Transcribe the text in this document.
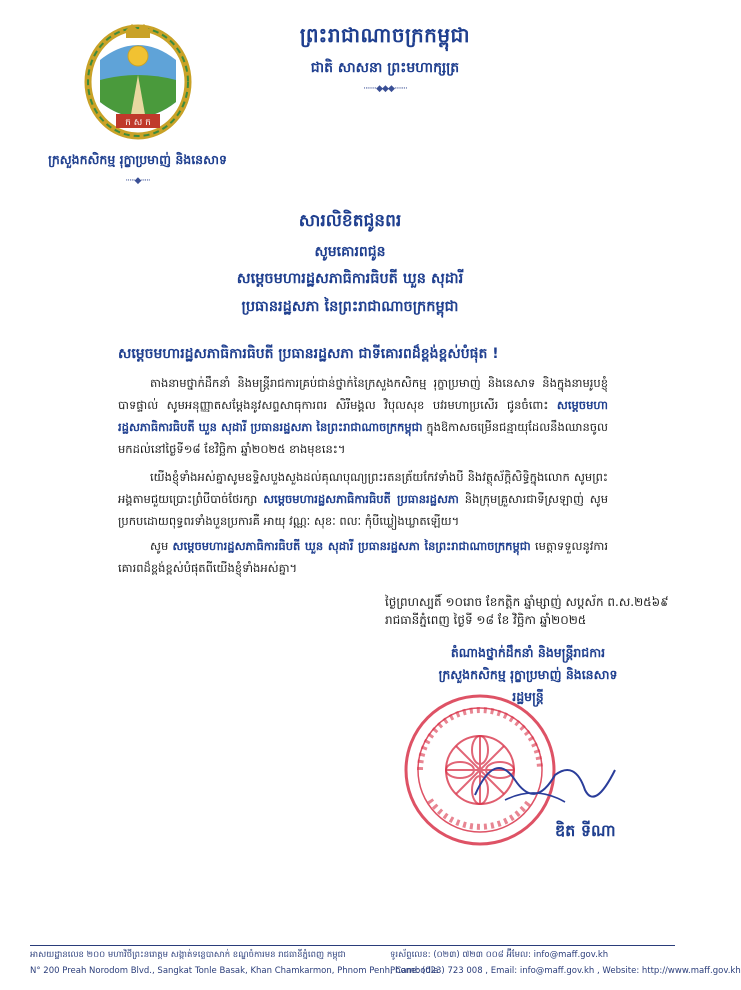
ក ស ក
ក្រសួងកសិកម្ម រុក្ខាប្រមាញ់ និងនេសាទ
·····◆·····
ព្រះរាជាណាចក្រកម្ពុជា
ជាតិ សាសនា ព្រះមហាក្សត្រ
·······◆◆◆·······
សារលិខិតជូនពរ
សូមគោរពជូន
សម្តេចមហារដ្ឋសភាធិការធិបតី ឃួន សុដារី
ប្រធានរដ្ឋសភា នៃព្រះរាជាណាចក្រកម្ពុជា
សម្តេចមហារដ្ឋសភាធិការធិបតី ប្រធានរដ្ឋសភា ជាទីគោរពដ៏ខ្ពង់ខ្ពស់បំផុត !
តាងនាមថ្នាក់ដឹកនាំ និងមន្ត្រីរាជការគ្រប់ជាន់ថ្នាក់នៃក្រសួងកសិកម្ម រុក្ខាប្រមាញ់ និងនេសាទ និងក្នុងនាមរូបខ្ញុំបាទផ្ទាល់ សូមអនុញ្ញាតសម្តែងនូវសព្ទសាធុការពរ សិរីមង្គល វិបុលសុខ បវរមហាប្រសើរ ជូនចំពោះ សម្តេចមហារដ្ឋសភាធិការធិបតី ឃួន សុដារី ប្រធានរដ្ឋសភា នៃព្រះរាជាណាចក្រកម្ពុជា ក្នុងឱកាសចម្រើនជន្មាយុដែលនឹងឈានចូលមកដល់នៅថ្ងៃទី១៨ ខែវិច្ឆិកា ឆ្នាំ២០២៥ ខាងមុខនេះ។
យើងខ្ញុំទាំងអស់គ្នាសូមឧទ្ទិសបួងសួងដល់គុណបុណ្យព្រះរតនត្រ័យកែវទាំងបី និងវត្ថុស័ក្តិសិទ្ធិក្នុងលោក សូមព្រះអង្គតាមជួយប្រោះព្រំបីបាច់ថែរក្សា សម្តេចមហារដ្ឋសភាធិការធិបតី ប្រធានរដ្ឋសភា និងក្រុមគ្រួសារជាទីស្រឡាញ់ សូមប្រកបដោយពុទ្ធពរទាំងបួនប្រការគឺ អាយុ វណ្ណៈ សុខៈ ពលៈ កុំបីឃ្លៀងឃ្លាតឡើយ។
សូម សម្តេចមហារដ្ឋសភាធិការធិបតី ឃួន សុដារី ប្រធានរដ្ឋសភា នៃព្រះរាជាណាចក្រកម្ពុជា មេត្តាទទួលនូវការគោរពដ៏ខ្ពង់ខ្ពស់បំផុតពីយើងខ្ញុំទាំងអស់គ្នា។
ថ្ងៃព្រហស្បតិ៍ ១០រោច ខែកត្តិក ឆ្នាំម្សាញ់ សប្តស័ក ព.ស.២៥៦៩
រាជធានីភ្នំពេញ ថ្ងៃទី ១៨ ខែ វិច្ឆិកា ឆ្នាំ២០២៥
តំណាងថ្នាក់ដឹកនាំ និងមន្ត្រីរាជការ
ក្រសួងកសិកម្ម រុក្ខាប្រមាញ់ និងនេសាទ
រដ្ឋមន្ត្រី
ឌិត ទីណា
អាសយដ្ឋានលេខ ២០០ មហាវិថីព្រះនរោត្តម សង្កាត់ទន្លេបាសាក់ ខណ្ឌចំការមន រាជធានីភ្នំពេញ កម្ពុជា	ទូរស័ព្ទលេខ: (០២៣) ៧២៣ ០០៨ អ៊ីមែល: info@maff.gov.kh
N° 200 Preah Norodom Blvd., Sangkat Tonle Basak, Khan Chamkarmon, Phnom Penh, Cambodia
Phone: (023) 723 008 , Email: info@maff.gov.kh , Website: http://www.maff.gov.kh
